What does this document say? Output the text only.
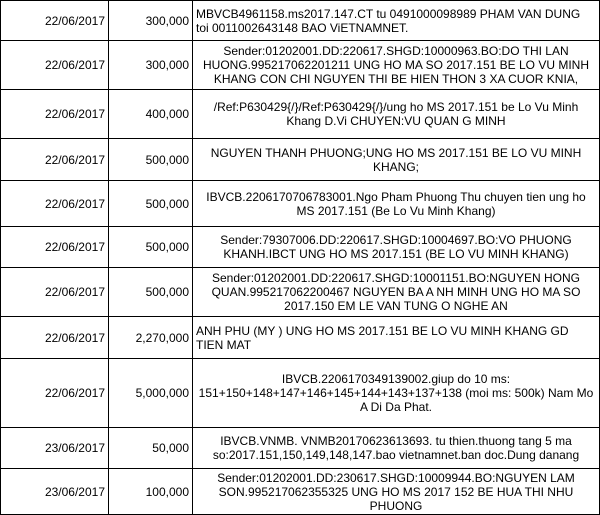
22/06/2017	300,000	MBVCB4961158.ms2017.147.CT tu 0491000098989 PHAM VAN DUNG toi 0011002643148 BAO ViETNAMNET.
22/06/2017	300,000	Sender:01202001.DD:220617.SHGD:10000963.BO:DO THI LAN HUONG.995217062201211 UNG HO MA SO 2017.151 BE LO VU MINH KHANG CON CHI NGUYEN THI BE HIEN THON 3 XA CUOR KNIA,
22/06/2017	400,000	/Ref:P630429{/}/Ref:P630429{/}/ung ho MS 2017.151 be Lo Vu Minh Khang D.Vi CHUYEN:VU QUAN G MINH
22/06/2017	500,000	NGUYEN THANH PHUONG;UNG HO MS 2017.151 BE LO VU MINH KHANG;
22/06/2017	500,000	IBVCB.2206170706783001.Ngo Pham Phuong Thu chuyen tien ung ho MS 2017.151 (Be Lo Vu Minh Khang)
22/06/2017	500,000	Sender:79307006.DD:220617.SHGD:10004697.BO:VO PHUONG KHANH.IBCT UNG HO MS 2017.151 (BE LO VU MINH KHANG)
22/06/2017	500,000	Sender:01202001.DD:220617.SHGD:10001151.BO:NGUYEN HONG QUAN.995217062200467 NGUYEN BA A NH MINH UNG HO MA SO 2017.150 EM LE VAN TUNG O NGHE AN
22/06/2017	2,270,000	ANH PHU (MY ) UNG HO MS 2017.151 BE LO VU MINH KHANG GD TIEN MAT
22/06/2017	5,000,000	IBVCB.2206170349139002.giup do 10 ms: 151+150+148+147+146+145+144+143+137+138 (moi ms: 500k) Nam Mo A Di Da Phat.
23/06/2017	50,000	IBVCB.VNMB. VNMB20170623613693. tu thien.thuong tang 5 ma so:2017.151,150,149,148,147.bao vietnamnet.ban doc.Dung danang
23/06/2017	100,000	Sender:01202001.DD:230617.SHGD:10009944.BO:NGUYEN LAM SON.995217062355325 UNG HO MS 2017 152 BE HUA THI NHU PHUONG
